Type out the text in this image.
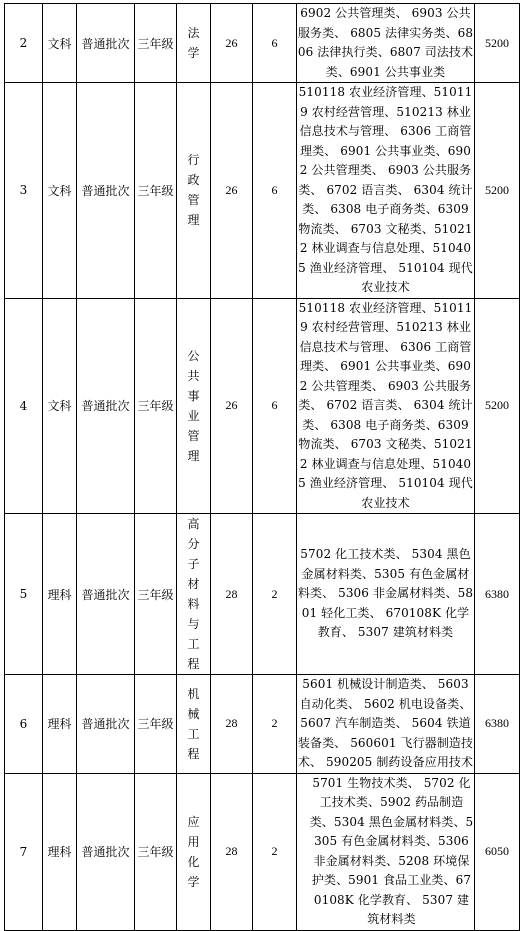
2	文科	普通批次	三年级	法学	26	6	6902 公共管理类、 6903 公共服务类、 6805 法律实务类、6806 法律执行类、6807 司法技术类、6901 公共事业类	5200
3	文科	普通批次	三年级	行政管理	26	6	510118 农业经济管理、510119 农村经营管理、510213 林业信息技术与管理、 6306 工商管理类、 6901 公共事业类、6902 公共管理类、 6903 公共服务类、 6702 语言类、 6304 统计类、 6308 电子商务类、6309 物流类、 6703 文秘类、510212 林业调查与信息处理、510405 渔业经济管理、 510104 现代农业技术	5200
4	文科	普通批次	三年级	公共事业管理	26	6	510118 农业经济管理、510119 农村经营管理、510213 林业信息技术与管理、 6306 工商管理类、 6901 公共事业类、6902 公共管理类、 6903 公共服务类、 6702 语言类、 6304 统计类、 6308 电子商务类、6309 物流类、 6703 文秘类、510212 林业调查与信息处理、510405 渔业经济管理、 510104 现代农业技术	5200
5	理科	普通批次	三年级	高分子材料与工程	28	2	5702 化工技术类、 5304 黑色金属材料类、5305 有色金属材料类、 5306 非金属材料类、5801 轻化工类、 670108K 化学教育、 5307 建筑材料类	6380
6	理科	普通批次	三年级	机械工程	28	2	5601 机械设计制造类、 5603 自动化类、 5602 机电设备类、5607 汽车制造类、 5604 铁道装备类、 560601 飞行器制造技术、 590205 制药设备应用技术	6380
7	理科	普通批次	三年级	应用化学	28	2	5701 生物技术类、 5702 化工技术类、5902 药品制造类、5304 黑色金属材料类、5305 有色金属材料类、5306 非金属材料类、5208 环境保护类、5901 食品工业类、670108K 化学教育、 5307 建筑材料类	6050
